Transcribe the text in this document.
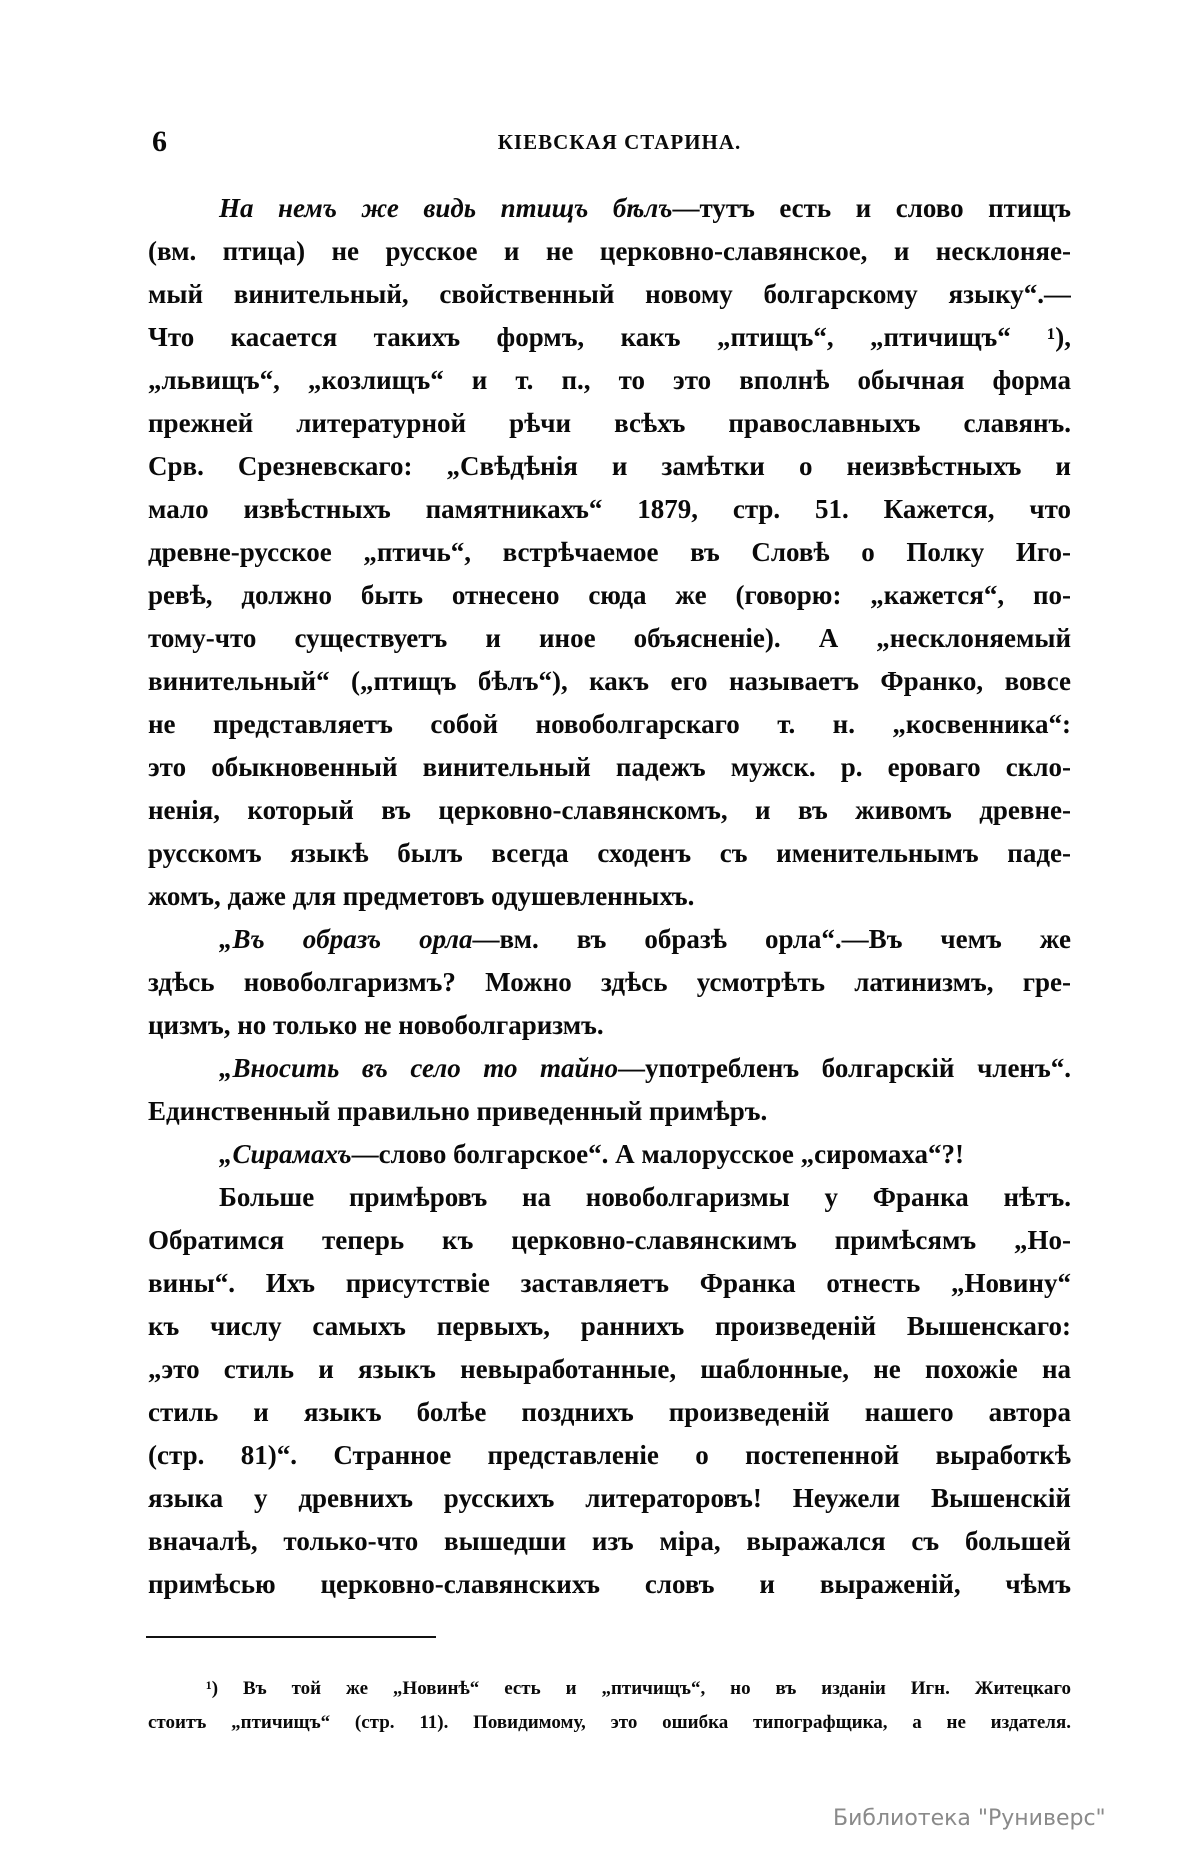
6	КІЕВСКАЯ СТАРИНА.
На немъ же видь птищъ бѣлъ—тутъ есть и слово птищъ
(вм. птица) не русское и не церковно-славянское, и несклоняе-
мый винительный, свойственный новому болгарскому языку“.—
Что касается такихъ формъ, какъ „птищъ“, „птичищъ“ ¹),
„львищъ“, „козлищъ“ и т. п., то это вполнѣ обычная форма
прежней литературной рѣчи всѣхъ православныхъ славянъ.
Срв. Срезневскаго: „Свѣдѣнія и замѣтки о неизвѣстныхъ и
мало извѣстныхъ памятникахъ“ 1879, стр. 51. Кажется, что
древне-русское „птичь“, встрѣчаемое въ Словѣ о Полку Иго-
ревѣ, должно быть отнесено сюда же (говорю: „кажется“, по-
тому-что существуетъ и иное объясненіе). А „несклоняемый
винительный“ („птищъ бѣлъ“), какъ его называетъ Франко, вовсе
не представляетъ собой новоболгарскаго т. н. „косвенника“:
это обыкновенный винительный падежъ мужск. р. ероваго скло-
ненія, который въ церковно-славянскомъ, и въ живомъ древне-
русскомъ языкѣ былъ всегда сходенъ съ именительнымъ паде-
жомъ, даже для предметовъ одушевленныхъ.
„Въ образъ орла—вм. въ образѣ орла“.—Въ чемъ же
здѣсь новоболгаризмъ? Можно здѣсь усмотрѣть латинизмъ, гре-
цизмъ, но только не новоболгаризмъ.
„Вносить въ село то тайно—употребленъ болгарскій членъ“.
Единственный правильно приведенный примѣръ.
„Сирамахъ—слово болгарское“. А малорусское „сиромаха“?!
Больше примѣровъ на новоболгаризмы у Франка нѣтъ.
Обратимся теперь къ церковно-славянскимъ примѣсямъ „Но-
вины“. Ихъ присутствіе заставляетъ Франка отнесть „Новину“
къ числу самыхъ первыхъ, раннихъ произведеній Вышенскаго:
„это стиль и языкъ невыработанные, шаблонные, не похожіе на
стиль и языкъ болѣе позднихъ произведеній нашего автора
(стр. 81)“. Странное представленіе о постепенной выработкѣ
языка у древнихъ русскихъ литераторовъ! Неужели Вышенскій
вначалѣ, только-что вышедши изъ міра, выражался съ большей
примѣсью церковно-славянскихъ словъ и выраженій, чѣмъ
¹) Въ той же „Новинѣ“ есть и „птичищъ“, но въ изданіи Игн. Житецкаго
стоитъ „птичищъ“ (стр. 11). Повидимому, это ошибка типографщика, а не издателя.
Библиотека "Руниверс"
